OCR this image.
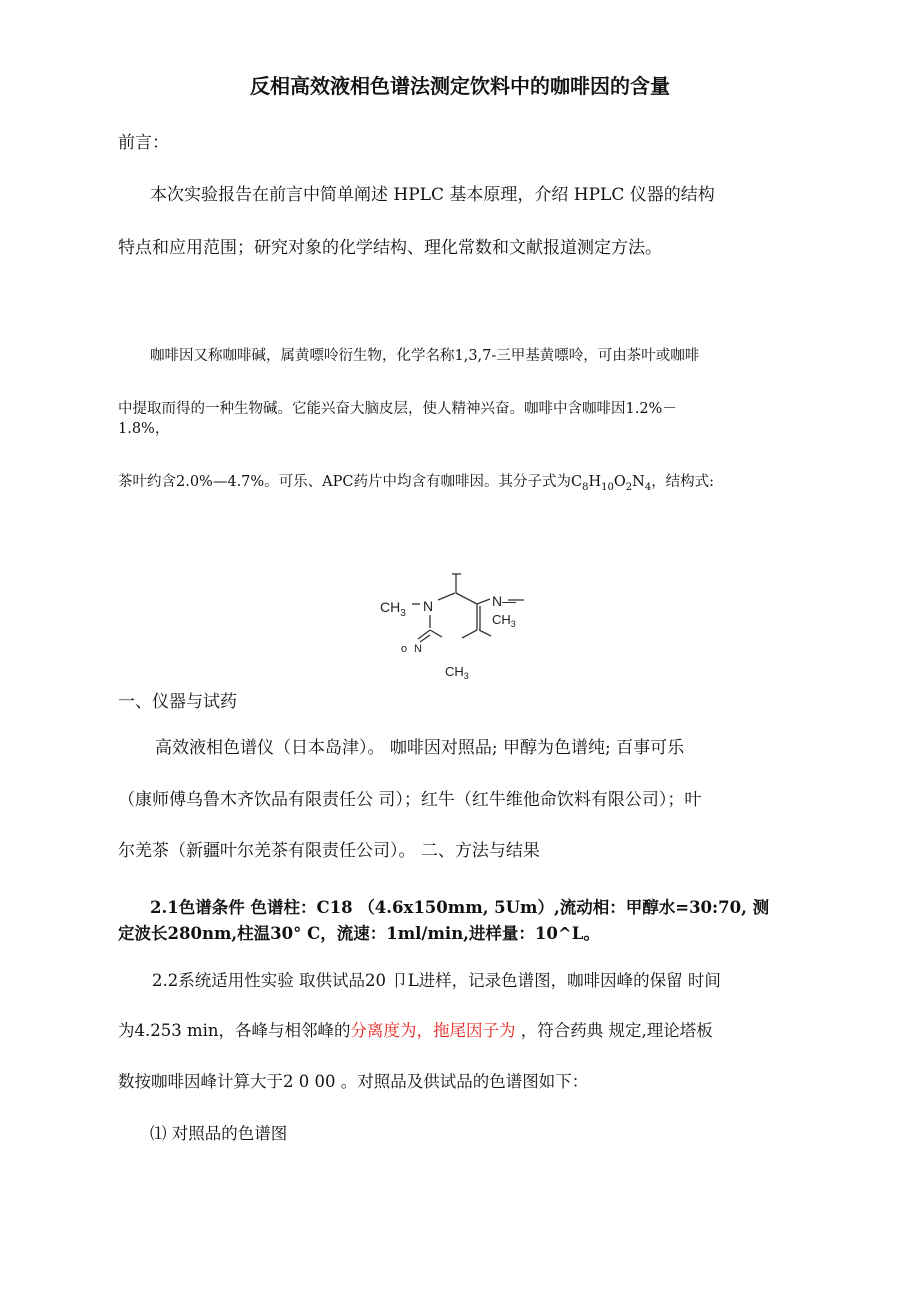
反相高效液相色谱法测定饮料中的咖啡因的含量
前言：
本次实验报告在前言中简单阐述 HPLC 基本原理，介绍 HPLC 仪器的结构
特点和应用范围；研究对象的化学结构、理化常数和文献报道测定方法。
咖啡因又称咖啡碱，属黄嘌呤衍生物，化学名称1,3,7-三甲基黄嘌呤，可由茶叶或咖啡
中提取而得的一种生物碱。它能兴奋大脑皮层，使人精神兴奋。咖啡中含咖啡因1.2%－
1.8%，
茶叶约含2.0%—4.7%。可乐、APC药片中均含有咖啡因。其分子式为$C_8H_{10}O_2N_4$，结构式:
$CH_3$ N	N—
$CH_3$
o N
$CH_3$
一、仪器与试药
高效液相色谱仪（日本岛津）。 咖啡因对照品; 甲醇为色谱纯; 百事可乐
（康师傅乌鲁木齐饮品有限责任公 司）；红牛（红牛维他命饮料有限公司）；叶
尔羌茶（新疆叶尔羌茶有限责任公司）。 二、方法与结果
2.1色谱条件 色谱柱：C18 （4.6x150mm, 5Um）,流动相：甲醇水=30:70, 测
定波长280nm,柱温30° C，流速：1ml/min,进样量：10^L。
2.2系统适用性实验 取供试品20 卩L进样，记录色谱图，咖啡因峰的保留 时间
为4.253 min，各峰与相邻峰的分离度为，拖尾因子为 ，符合药典 规定,理论塔板
数按咖啡因峰计算大于2 0 00 。对照品及供试品的色谱图如下：
⑴ 对照品的色谱图
